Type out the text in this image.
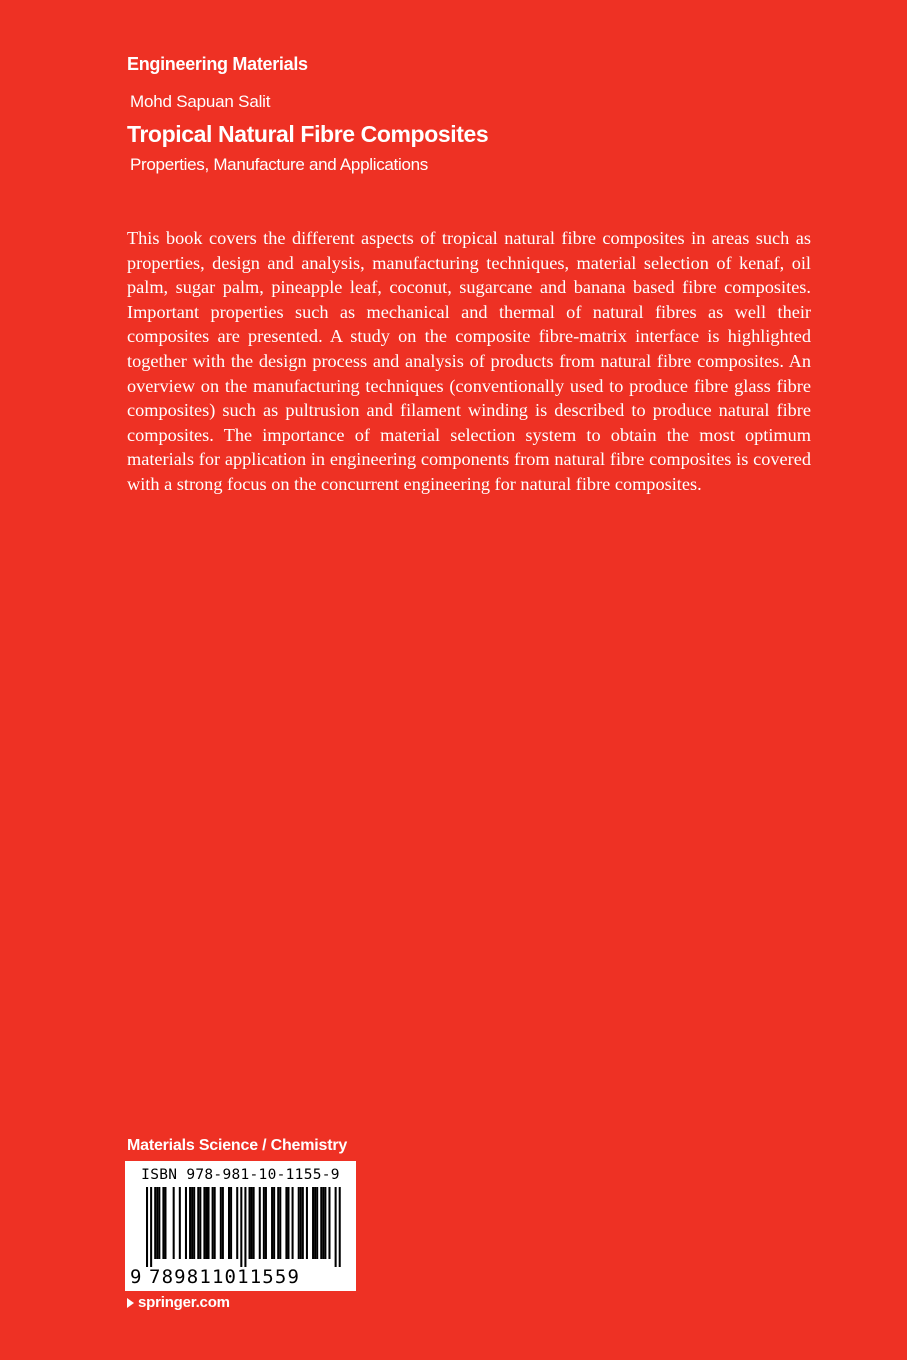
Engineering Materials
Mohd Sapuan Salit
Tropical Natural Fibre Composites
Properties, Manufacture and Applications
This book covers the different aspects of tropical natural fibre composites in areas such as properties, design and analysis, manufacturing techniques, material selection of kenaf, oil palm, sugar palm, pineapple leaf, coconut, sugarcane and banana based fibre composites. Important properties such as mechanical and thermal of natural fibres as well their composites are presented. A study on the composite fibre-matrix interface is highlighted together with the design process and analysis of products from natural fibre composites. An overview on the manufacturing techniques (conventionally used to produce fibre glass fibre composites) such as pultrusion and filament winding is described to produce natural fibre composites. The importance of material selection system to obtain the most optimum materials for application in engineering components from natural fibre composites is covered with a strong focus on the concurrent engineering for natural fibre composites.
Materials Science / Chemistry
ISBN 978-981-10-1155-9
9 789811011559
springer.com
